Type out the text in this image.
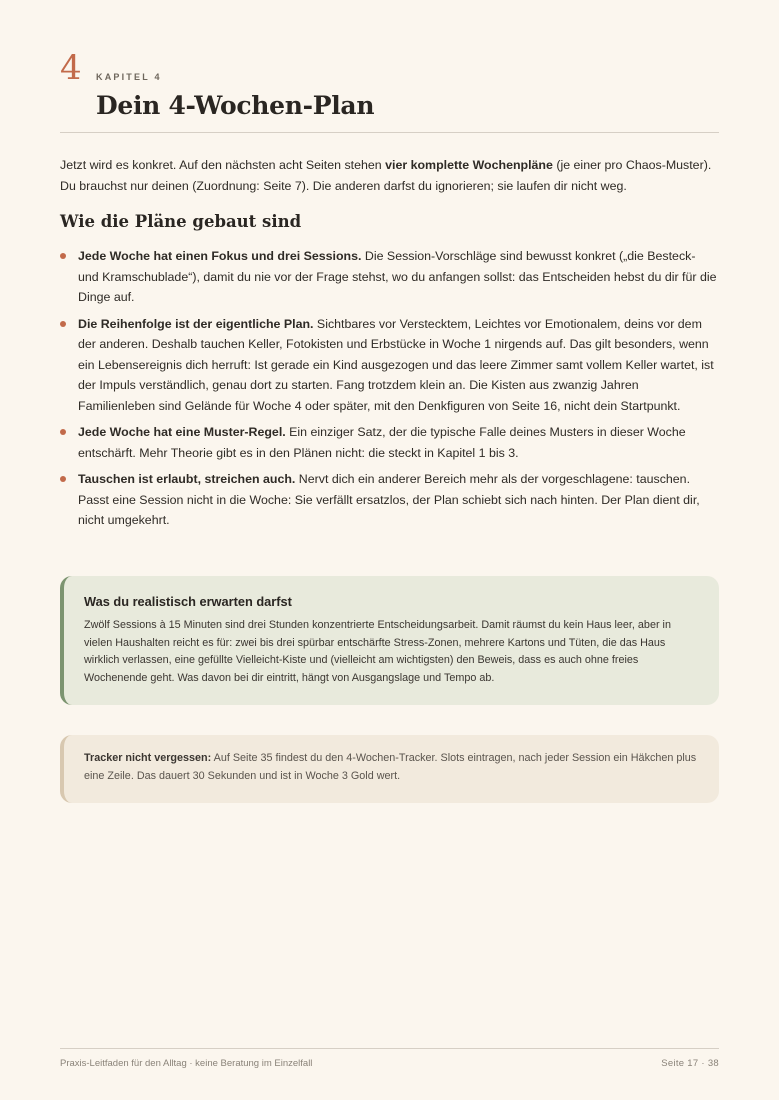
4 KAPITEL 4
Dein 4-Wochen-Plan

Jetzt wird es konkret. Auf den nächsten acht Seiten stehen vier komplette Wochenpläne (je einer pro Chaos-Muster). Du brauchst nur deinen (Zuordnung: Seite 7). Die anderen darfst du ignorieren; sie laufen dir nicht weg.

Wie die Pläne gebaut sind
Jede Woche hat einen Fokus und drei Sessions. Die Session-Vorschläge sind bewusst konkret („die Besteck- und Kramschublade“), damit du nie vor der Frage stehst, wo du anfangen sollst: das Entscheiden hebst du dir für die Dinge auf.
Die Reihenfolge ist der eigentliche Plan. Sichtbares vor Verstecktem, Leichtes vor Emotionalem, deins vor dem der anderen. Deshalb tauchen Keller, Fotokisten und Erbstücke in Woche 1 nirgends auf. Das gilt besonders, wenn ein Lebensereignis dich herruft: Ist gerade ein Kind ausgezogen und das leere Zimmer samt vollem Keller wartet, ist der Impuls verständlich, genau dort zu starten. Fang trotzdem klein an. Die Kisten aus zwanzig Jahren Familienleben sind Gelände für Woche 4 oder später, mit den Denkfiguren von Seite 16, nicht dein Startpunkt.
Jede Woche hat eine Muster-Regel. Ein einziger Satz, der die typische Falle deines Musters in dieser Woche entschärft. Mehr Theorie gibt es in den Plänen nicht: die steckt in Kapitel 1 bis 3.
Tauschen ist erlaubt, streichen auch. Nervt dich ein anderer Bereich mehr als der vorgeschlagene: tauschen. Passt eine Session nicht in die Woche: Sie verfällt ersatzlos, der Plan schiebt sich nach hinten. Der Plan dient dir, nicht umgekehrt.
Was du realistisch erwarten darfst

Zwölf Sessions à 15 Minuten sind drei Stunden konzentrierte Entscheidungsarbeit. Damit räumst du kein Haus leer, aber in vielen Haushalten reicht es für: zwei bis drei spürbar entschärfte Stress-Zonen, mehrere Kartons und Tüten, die das Haus wirklich verlassen, eine gefüllte Vielleicht-Kiste und (vielleicht am wichtigsten) den Beweis, dass es auch ohne freies Wochenende geht. Was davon bei dir eintritt, hängt von Ausgangslage und Tempo ab.

Tracker nicht vergessen: Auf Seite 35 findest du den 4-Wochen-Tracker. Slots eintragen, nach jeder Session ein Häkchen plus eine Zeile. Das dauert 30 Sekunden und ist in Woche 3 Gold wert.
Praxis-Leitfaden für den Alltag · keine Beratung im Einzelfall	Seite 17 · 38
